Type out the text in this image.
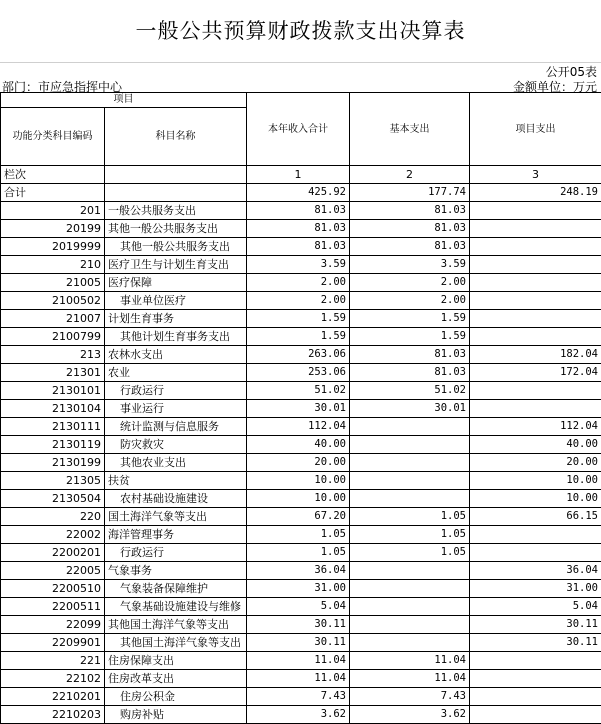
一般公共预算财政拨款支出决算表
公开05表
部门：市应急指挥中心	金额单位：万元
项目		本年收入合计	基本支出	项目支出
功能分类科目编码	科目名称			
栏次		1	2	3
合计		425.92	177.74	248.19
201	一般公共服务支出	81.03	81.03	
20199	其他一般公共服务支出	81.03	81.03	
2019999	其他一般公共服务支出	81.03	81.03	
210	医疗卫生与计划生育支出	3.59	3.59	
21005	医疗保障	2.00	2.00	
2100502	事业单位医疗	2.00	2.00	
21007	计划生育事务	1.59	1.59	
2100799	其他计划生育事务支出	1.59	1.59	
213	农林水支出	263.06	81.03	182.04
21301	农业	253.06	81.03	172.04
2130101	行政运行	51.02	51.02	
2130104	事业运行	30.01	30.01	
2130111	统计监测与信息服务	112.04		112.04
2130119	防灾救灾	40.00		40.00
2130199	其他农业支出	20.00		20.00
21305	扶贫	10.00		10.00
2130504	农村基础设施建设	10.00		10.00
220	国土海洋气象等支出	67.20	1.05	66.15
22002	海洋管理事务	1.05	1.05	
2200201	行政运行	1.05	1.05	
22005	气象事务	36.04		36.04
2200510	气象装备保障维护	31.00		31.00
2200511	气象基础设施建设与维修	5.04		5.04
22099	其他国土海洋气象等支出	30.11		30.11
2209901	其他国土海洋气象等支出	30.11		30.11
221	住房保障支出	11.04	11.04	
22102	住房改革支出	11.04	11.04	
2210201	住房公积金	7.43	7.43	
2210203	购房补贴	3.62	3.62	
